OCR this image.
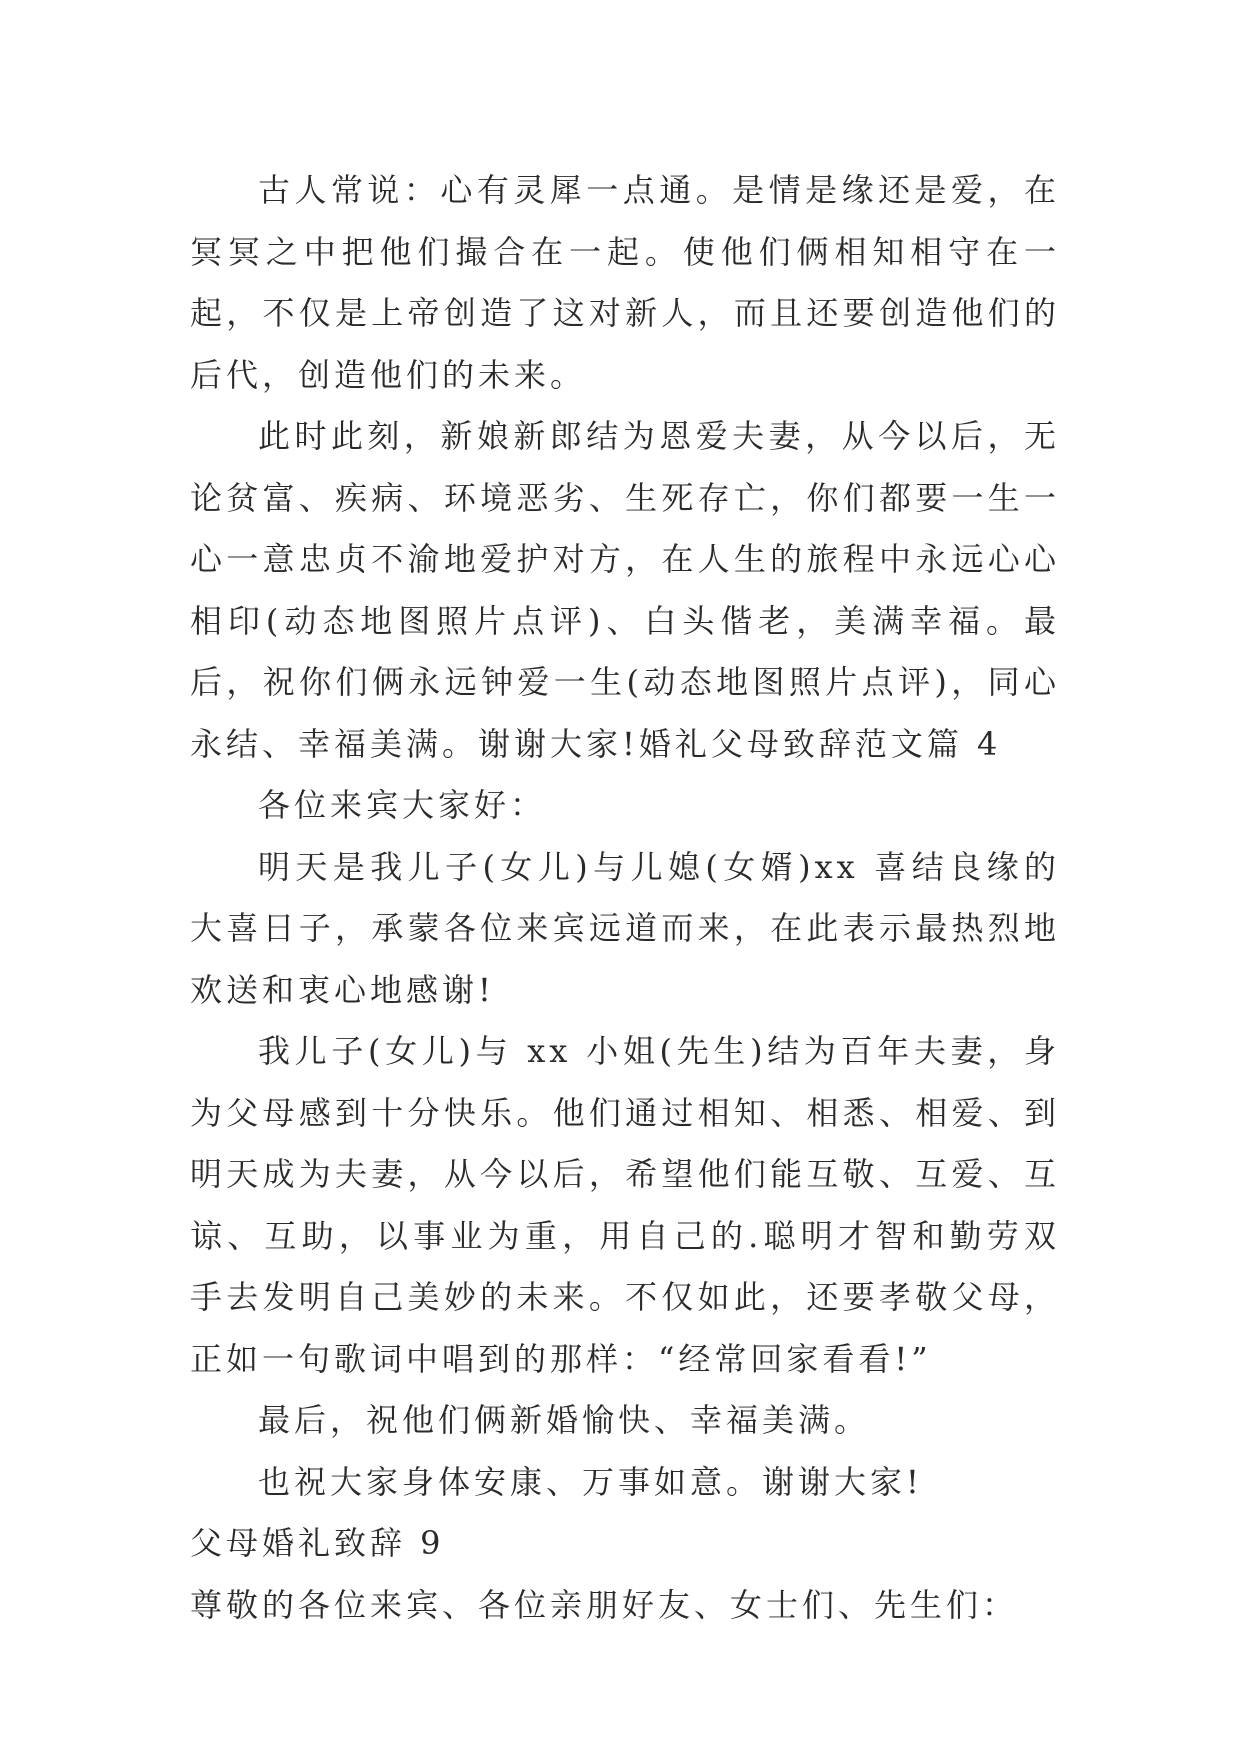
古人常说：心有灵犀一点通。是情是缘还是爱，在冥冥之中把他们撮合在一起。使他们俩相知相守在一起，不仅是上帝创造了这对新人，而且还要创造他们的后代，创造他们的未来。

此时此刻，新娘新郎结为恩爱夫妻，从今以后，无论贫富、疾病、环境恶劣、生死存亡，你们都要一生一心一意忠贞不渝地爱护对方，在人生的旅程中永远心心相印(动态地图照片点评)、白头偕老，美满幸福。最后，祝你们俩永远钟爱一生(动态地图照片点评)，同心永结、幸福美满。谢谢大家!婚礼父母致辞范文篇 4

各位来宾大家好：

明天是我儿子(女儿)与儿媳(女婿)xx 喜结良缘的大喜日子，承蒙各位来宾远道而来，在此表示最热烈地欢送和衷心地感谢!

我儿子(女儿)与 xx 小姐(先生)结为百年夫妻，身为父母感到十分快乐。他们通过相知、相悉、相爱、到明天成为夫妻，从今以后，希望他们能互敬、互爱、互谅、互助，以事业为重，用自己的.聪明才智和勤劳双手去发明自己美妙的未来。不仅如此，还要孝敬父母，正如一句歌词中唱到的那样：“经常回家看看!”

最后，祝他们俩新婚愉快、幸福美满。

也祝大家身体安康、万事如意。谢谢大家!

父母婚礼致辞 9

尊敬的各位来宾、各位亲朋好友、女士们、先生们：
